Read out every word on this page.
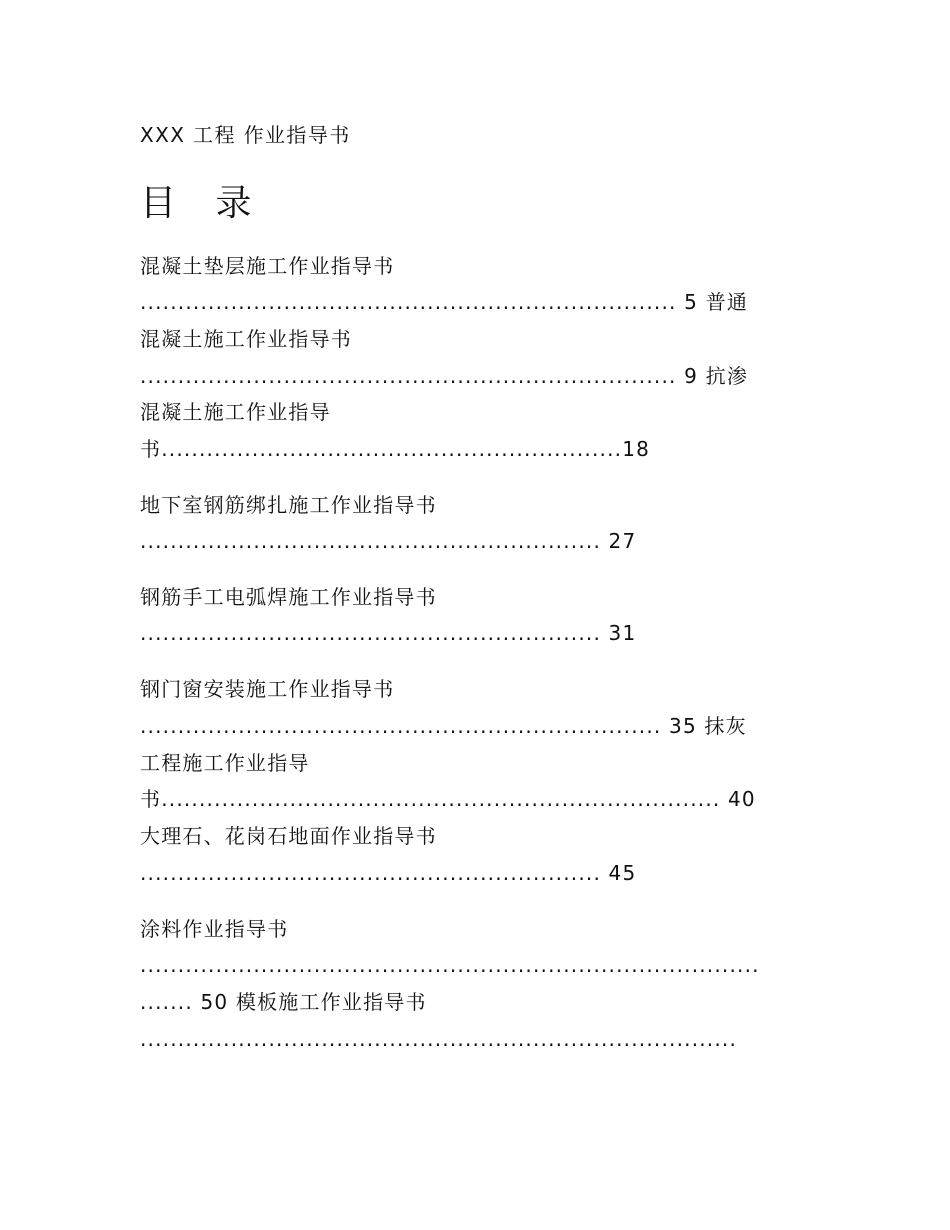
XXX 工程 作业指导书
目 录
混凝土垫层施工作业指导书
....................................................................... 5 普通
混凝土施工作业指导书
....................................................................... 9 抗渗
混凝土施工作业指导
书.............................................................18
地下室钢筋绑扎施工作业指导书
............................................................. 27
钢筋手工电弧焊施工作业指导书
............................................................. 31
钢门窗安装施工作业指导书
..................................................................... 35 抹灰
工程施工作业指导
书.......................................................................... 40
大理石、花岗石地面作业指导书
............................................................. 45
涂料作业指导书
..................................................................................
....... 50 模板施工作业指导书
...............................................................................
